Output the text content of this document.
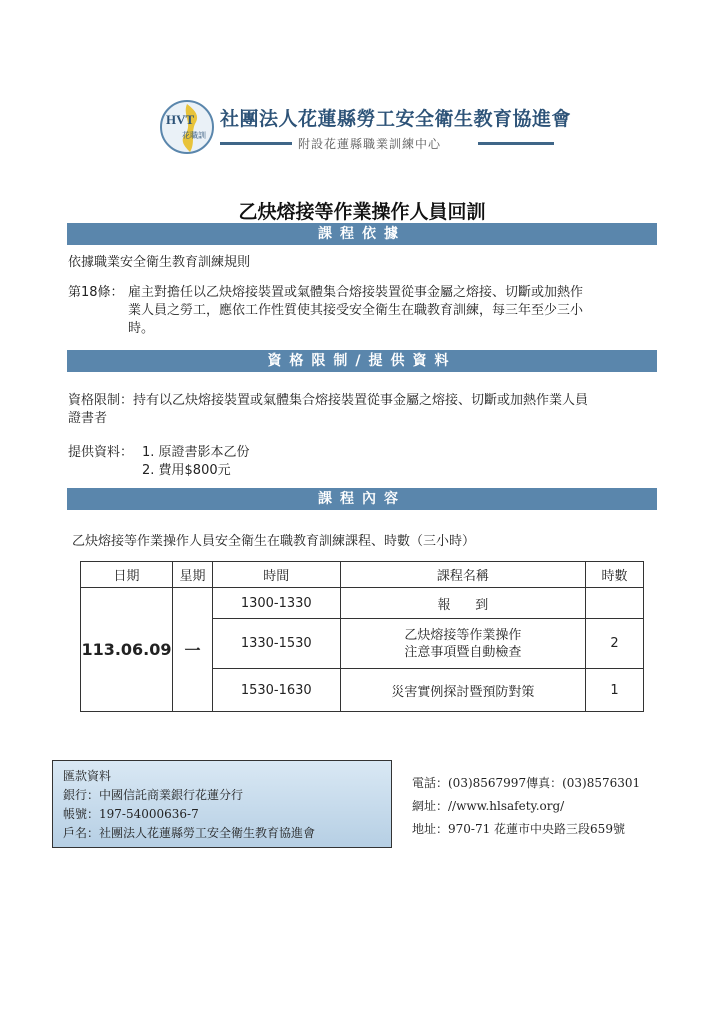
HVT
花職訓
社團法人花蓮縣勞工安全衛生教育協進會
附設花蓮縣職業訓練中心
乙炔熔接等作業操作人員回訓
課程依據
依據職業安全衛生教育訓練規則
第18條： 雇主對擔任以乙炔熔接裝置或氣體集合熔接裝置從事金屬之熔接、切斷或加熱作
業人員之勞工，應依工作性質使其接受安全衛生在職教育訓練，每三年至少三小
時。
資格限制/提供資料
資格限制：持有以乙炔熔接裝置或氣體集合熔接裝置從事金屬之熔接、切斷或加熱作業人員
證書者
提供資料： 1. 原證書影本乙份
2. 費用$800元
課程內容
乙炔熔接等作業操作人員安全衛生在職教育訓練課程、時數（三小時）
日期	星期	時間	課程名稱	時數
113.06.09	一	1300-1330	報      到	
		1330-1530	乙炔熔接等作業操作
注意事項暨自動檢查	2
		1530-1630	災害實例探討暨預防對策	1
匯款資料
銀行：中國信託商業銀行花蓮分行
帳號：197-54000636-7
戶名：社團法人花蓮縣勞工安全衛生教育協進會
電話：(03)8567997傳真：(03)8576301
網址：//www.hlsafety.org/
地址：970-71 花蓮市中央路三段659號
